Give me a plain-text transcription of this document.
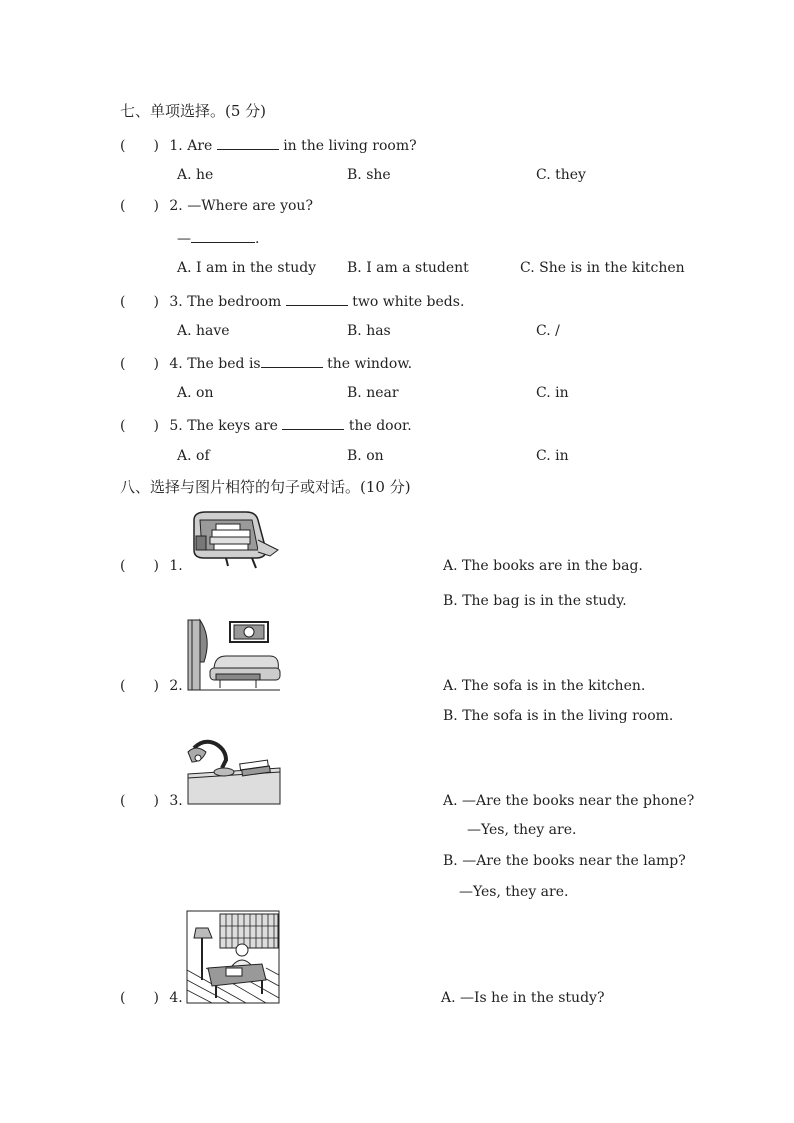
七、单项选择。(5 分)
(　　) 1. Are	in the living room?
A. he	B. she	C. they
(　　) 2. —Where are you?
—	.
A. I am in the study B. I am a student	C. She is in the kitchen
(　　) 3. The bedroom	two white beds.
A. have	B. has	C. /
(　　) 4. The bed is	the window.
A. on	B. near	C. in
(　　) 5. The keys are	the door.
A. of	B. on	C. in
八、选择与图片相符的句子或对话。(10 分)
(　　) 1.	A. The books are in the bag.
B. The bag is in the study.
(　　) 2.	A. The sofa is in the kitchen.
B. The sofa is in the living room.
(　　) 3.	A. —Are the books near the phone?
—Yes, they are.
B. —Are the books near the lamp?
—Yes, they are.
(　　) 4.	A. —Is he in the study?
